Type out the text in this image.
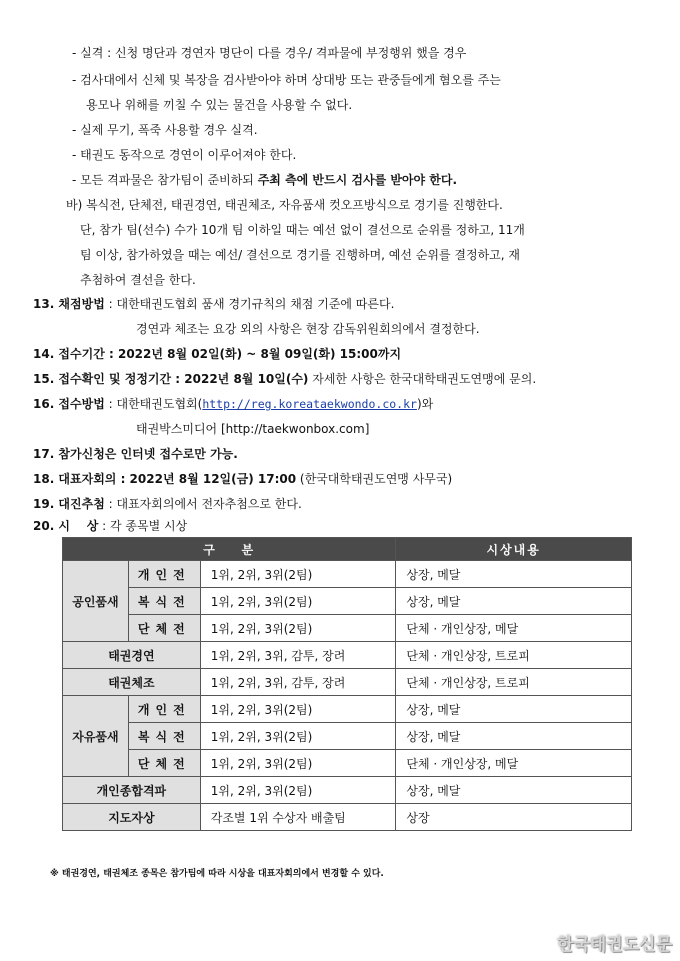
- 실격 : 신청 명단과 경연자 명단이 다를 경우/ 격파물에 부정행위 했을 경우
- 검사대에서 신체 및 복장을 검사받아야 하며 상대방 또는 관중들에게 혐오를 주는
용모나 위해를 끼칠 수 있는 물건을 사용할 수 없다.
- 실제 무기, 폭죽 사용할 경우 실격.
- 태권도 동작으로 경연이 이루어져야 한다.
- 모든 격파물은 참가팀이 준비하되 주최 측에 반드시 검사를 받아야 한다.
바) 복식전, 단체전, 태권경연, 태권체조, 자유품새 컷오프방식으로 경기를 진행한다.
단, 참가 팀(선수) 수가 10개 팀 이하일 때는 예선 없이 결선으로 순위를 정하고, 11개
팀 이상, 참가하였을 때는 예선/ 결선으로 경기를 진행하며, 예선 순위를 결정하고, 재
추첨하여 결선을 한다.
13. 채점방법 : 대한태권도협회 품새 경기규칙의 채점 기준에 따른다.
경연과 체조는 요강 외의 사항은 현장 감독위원회의에서 결정한다.
14. 접수기간 : 2022년 8월 02일(화) ~ 8월 09일(화) 15:00까지
15. 접수확인 및 정정기간 : 2022년 8월 10일(수) 자세한 사항은 한국대학태권도연맹에 문의.
16. 접수방법 : 대한태권도협회(http://reg.koreataekwondo.co.kr)와
태권박스미디어 [http://taekwonbox.com]
17. 참가신청은 인터넷 접수로만 가능.
18. 대표자회의 : 2022년 8월 12일(금) 17:00 (한국대학태권도연맹 사무국)
19. 대진추첨 : 대표자회의에서 전자추첨으로 한다.
20. 시    상 : 각 종목별 시상
구    분			시상내용
공인품새	개인전	1위, 2위, 3위(2팀)	상장, 메달
	복식전	1위, 2위, 3위(2팀)	상장, 메달
	단체전	1위, 2위, 3위(2팀)	단체 · 개인상장, 메달
태권경연		1위, 2위, 3위, 감투, 장려	단체 · 개인상장, 트로피
태권체조		1위, 2위, 3위, 감투, 장려	단체 · 개인상장, 트로피
자유품새	개인전	1위, 2위, 3위(2팀)	상장, 메달
	복식전	1위, 2위, 3위(2팀)	상장, 메달
	단체전	1위, 2위, 3위(2팀)	단체 · 개인상장, 메달
개인종합격파		1위, 2위, 3위(2팀)	상장, 메달
지도자상		각조별 1위 수상자 배출팀	상장
※ 태권경연, 태권체조 종목은 참가팀에 따라 시상을 대표자회의에서 변경할 수 있다.
한국태권도신문
